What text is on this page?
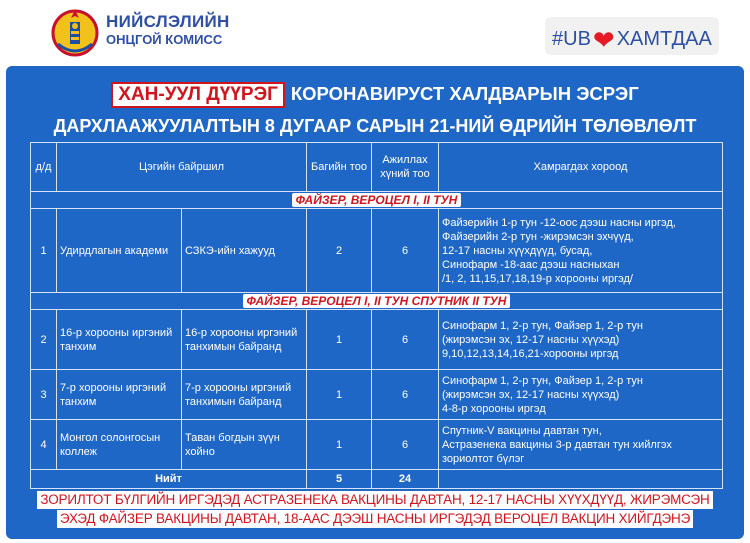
НИЙСЛЭЛИЙН
ОНЦГОЙ КОМИСС	#UB ❤ ХАМТДАА
ХАН-УУЛ ДҮҮРЭГ КОРОНАВИРУСТ ХАЛДВАРЫН ЭСРЭГ
ДАРХЛААЖУУЛАЛТЫН 8 ДУГААР САРЫН 21-НИЙ ӨДРИЙН ТӨЛӨВЛӨЛТ
д/д	Цэгийн байршил		Багийн тоо	Ажиллах хүний тоо	Хамрагдах хороод
ФАЙЗЕР, ВЕРОЦЕЛ I, II ТУН					
1	Удирдлагын академи	СЗКЭ-ийн хажууд	2	6	Файзерийн 1-р тун -12-оос дээш насны иргэд,
Файзерийн 2-р тун -жирэмсэн эхчүүд,
12-17 насны хүүхдүүд, бусад,
Синофарм -18-аас дээш насныхан
/1, 2, 11,15,17,18,19-р хорооны иргэд/

ФАЙЗЕР, ВЕРОЦЕЛ I, II ТУН СПУТНИК II ТУН					
2	16-р хорооны иргэний танхим	16-р хорооны иргэний танхимын байранд	1	6	Синофарм 1, 2-р тун, Файзер 1, 2-р тун
(жирэмсэн эх, 12-17 насны хүүхэд)
9,10,12,13,14,16,21-хорооны иргэд

3	7-р хорооны иргэний танхим	7-р хорооны иргэний танхимын байранд	1	6	Синофарм 1, 2-р тун, Файзер 1, 2-р тун
(жирэмсэн эх, 12-17 насны хүүхэд)
4-8-р хорооны иргэд

4	Монгол солонгосын коллеж	Таван богдын зүүн хойно	1	6	Спутник-V вакцины давтан тун,
Астразенека вакцины 3-р давтан тун хийлгэх
зориолтот бүлэг

Нийт			5	24	
ЗОРИЛТОТ БҮЛГИЙН ИРГЭДЭД АСТРАЗЕНЕКА ВАКЦИНЫ ДАВТАН, 12-17 НАСНЫ ХҮҮХДҮҮД, ЖИРЭМСЭН
ЭХЭД ФАЙЗЕР ВАКЦИНЫ ДАВТАН, 18-ААС ДЭЭШ НАСНЫ ИРГЭДЭД ВЕРОЦЕЛ ВАКЦИН ХИЙГДЭНЭ
